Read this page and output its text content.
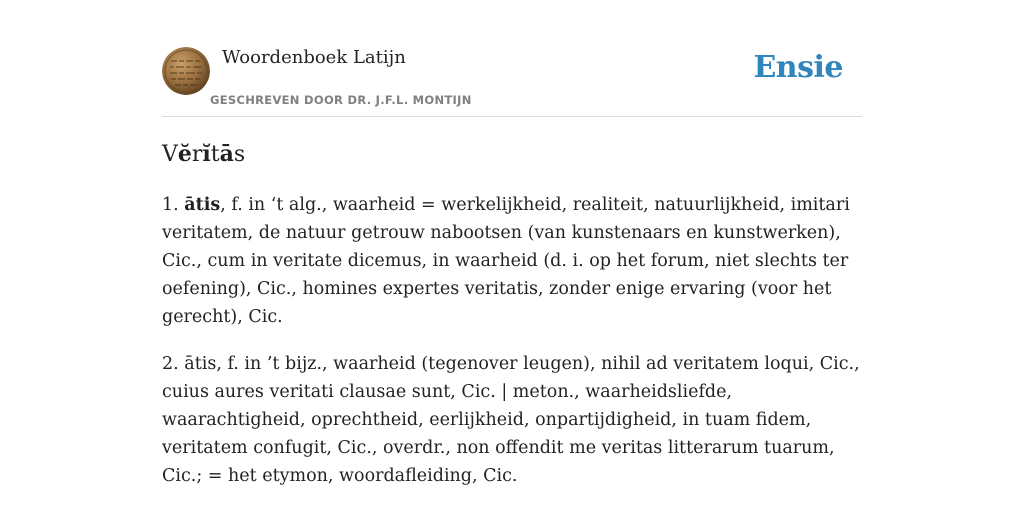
Woordenboek Latijn
GESCHREVEN DOOR DR. J.F.L. MONTIJN
Ensie
Vĕrĭtās

1. ātis, f. in ‘t alg., waarheid = werkelijkheid, realiteit, natuurlijkheid, imitari veritatem, de natuur getrouw nabootsen (van kunstenaars en kunstwerken), Cic., cum in veritate dicemus, in waarheid (d. i. op het forum, niet slechts ter oefening), Cic., homines expertes veritatis, zonder enige ervaring (voor het gerecht), Cic.

2. ātis, f. in ’t bijz., waarheid (tegenover leugen), nihil ad veritatem loqui, Cic., cuius aures veritati clausae sunt, Cic. | meton., waarheidsliefde, waarachtigheid, oprechtheid, eerlijkheid, onpartijdigheid, in tuam fidem, veritatem confugit, Cic., overdr., non offendit me veritas litterarum tuarum, Cic.; = het etymon, woordafleiding, Cic.
